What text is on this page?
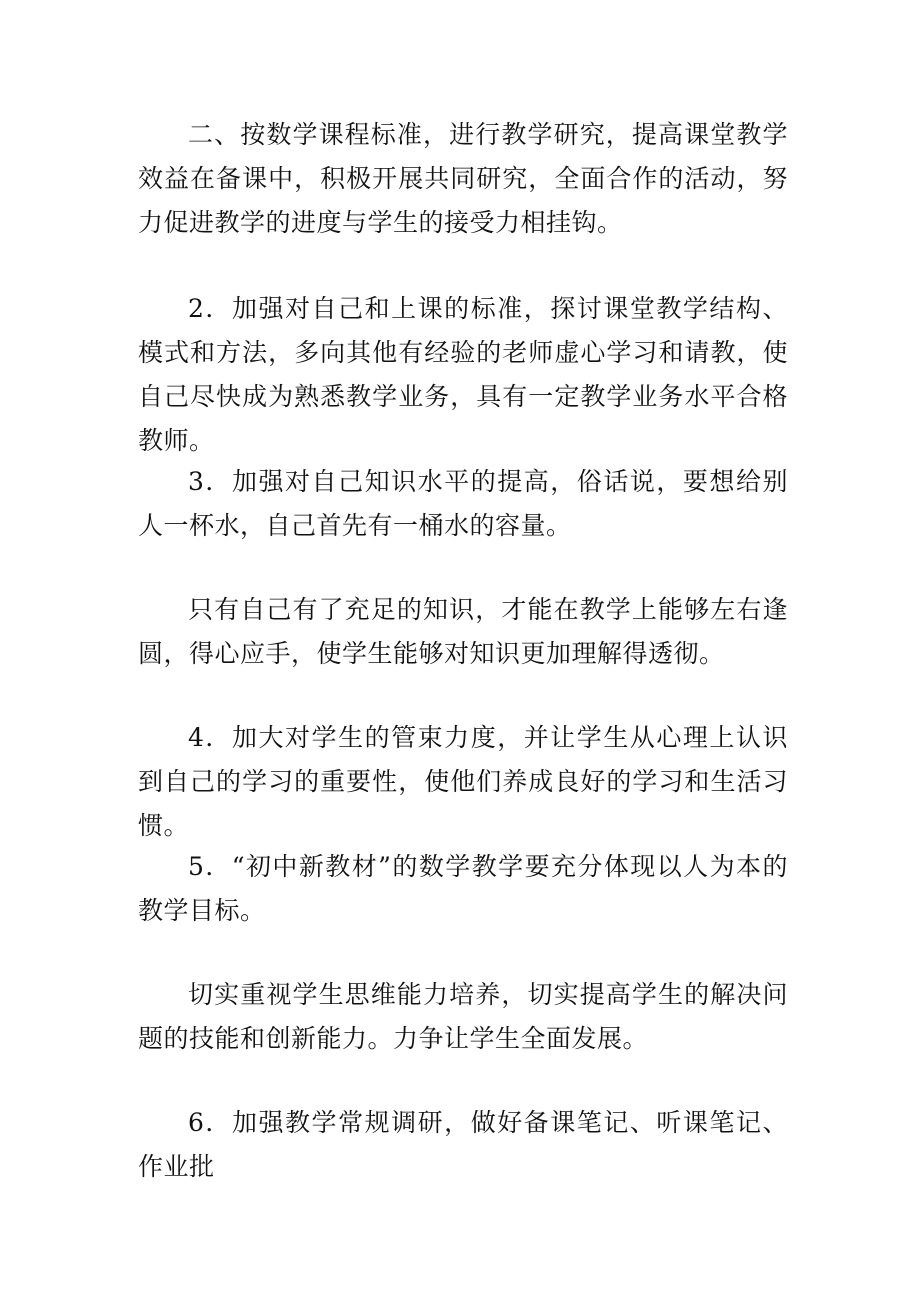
二、按数学课程标准，进行教学研究，提高课堂教学效益在备课中，积极开展共同研究，全面合作的活动，努力促进教学的进度与学生的接受力相挂钩。

2．加强对自己和上课的标准，探讨课堂教学结构、模式和方法，多向其他有经验的老师虚心学习和请教，使自己尽快成为熟悉教学业务，具有一定教学业务水平合格教师。

3．加强对自己知识水平的提高，俗话说，要想给别人一杯水，自己首先有一桶水的容量。

只有自己有了充足的知识，才能在教学上能够左右逢圆，得心应手，使学生能够对知识更加理解得透彻。

4．加大对学生的管束力度，并让学生从心理上认识到自己的学习的重要性，使他们养成良好的学习和生活习惯。

5．“初中新教材”的数学教学要充分体现以人为本的教学目标。

切实重视学生思维能力培养，切实提高学生的解决问题的技能和创新能力。力争让学生全面发展。

6．加强教学常规调研，做好备课笔记、听课笔记、作业批
